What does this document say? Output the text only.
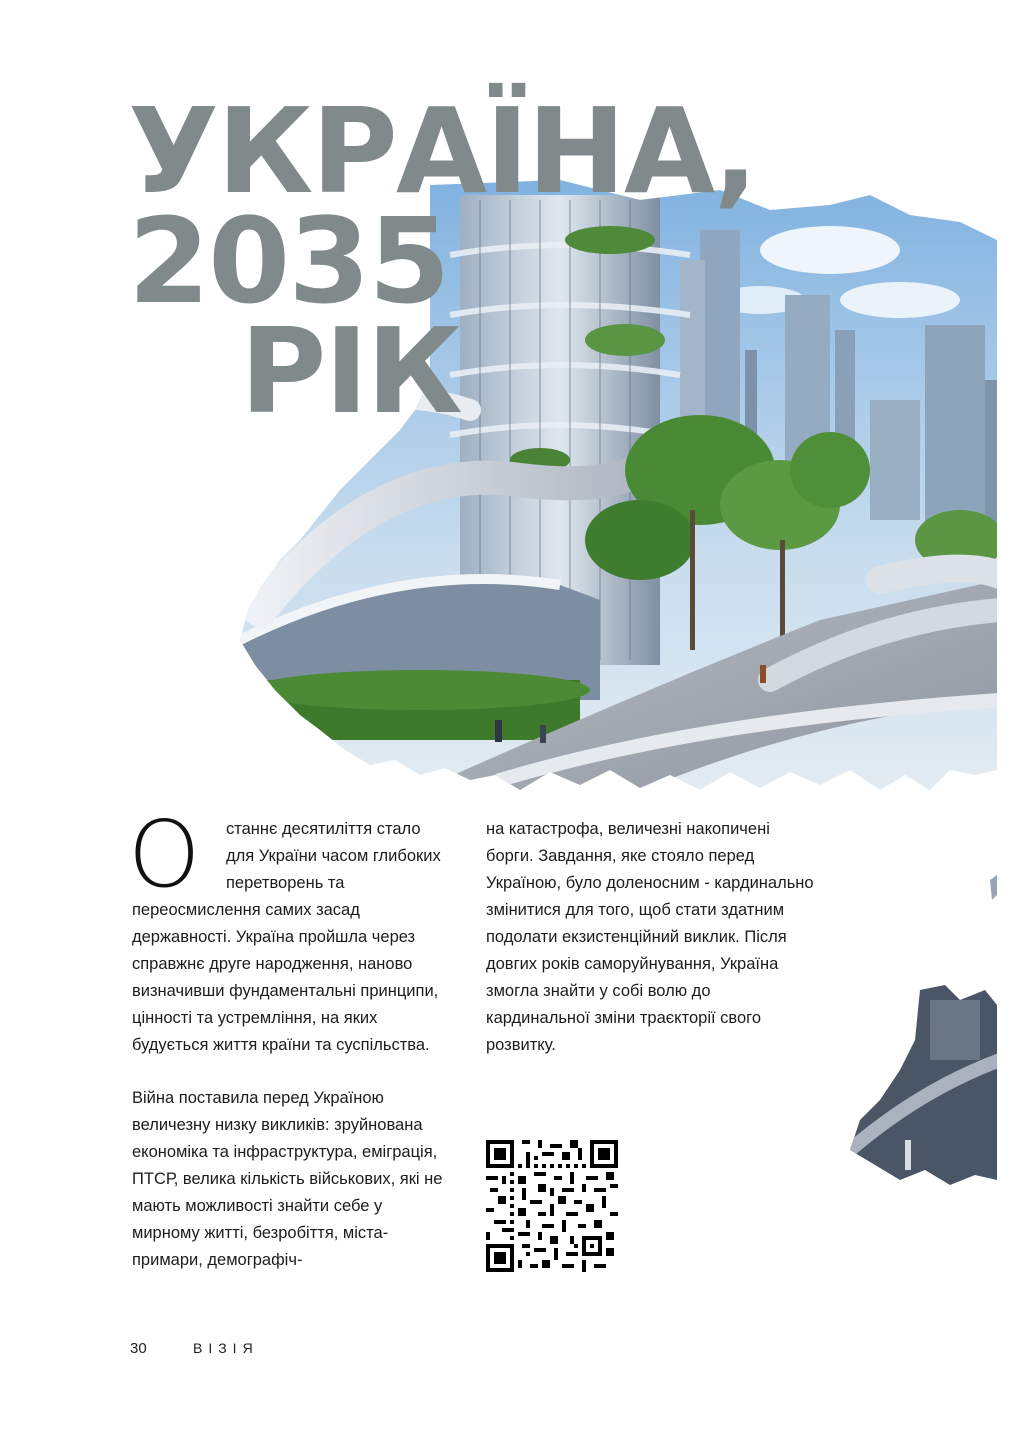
УКРАЇНА,
2035
РІК

О	станнє десятиліття стало для України часом глибоких перетворень та переосмислення самих засад державності. Україна пройшла через справжнє друге народження, наново визначивши фундаментальні принципи, цінності та устремління, на яких будується життя країни та суспільства.

Війна поставила перед Україною величезну низку викликів: зруйнована економіка та інфраструктура, еміграція, ПТСР, велика кількість військових, які не мають можливості знайти себе у мирному житті, безробіття, міста-примари, демографіч-

на катастрофа, величезні накопичені борги. Завдання, яке стояло перед Україною, було доленосним - кардинально змінитися для того, щоб стати здатним подолати екзистенційний виклик. Після довгих років саморуйнування, Україна змогла знайти у собі волю до кардинальної зміни траєкторії свого розвитку.

30	ВІЗІЯ
